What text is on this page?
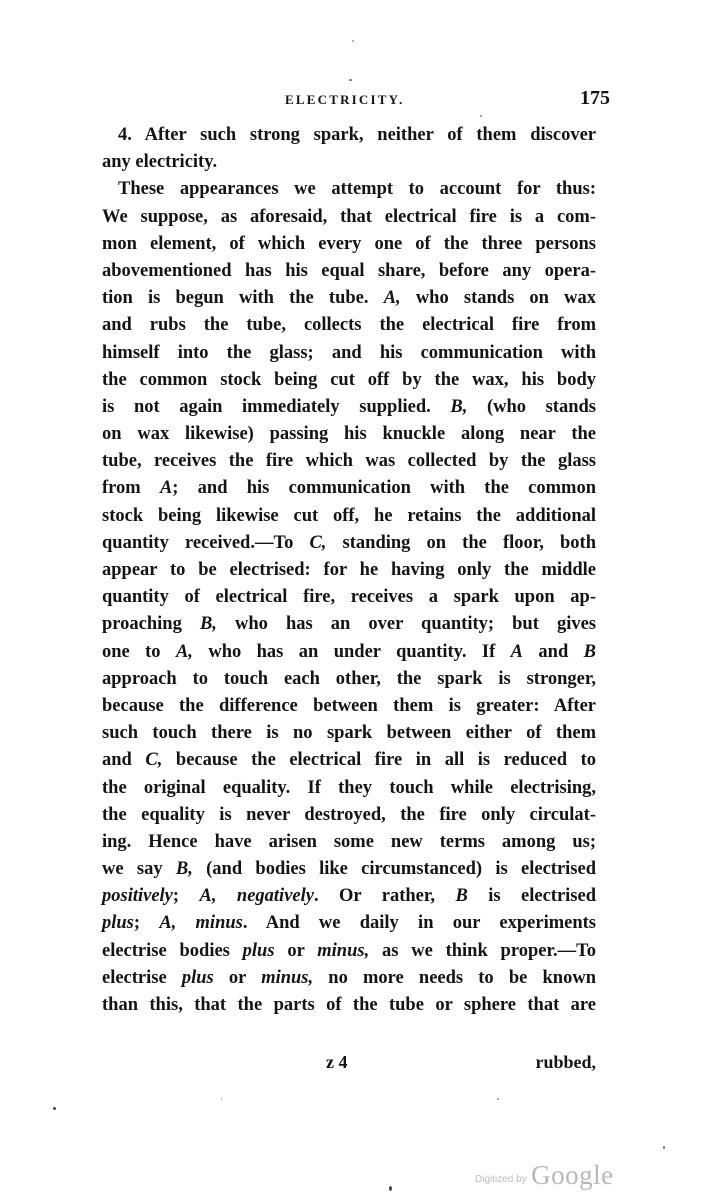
ELECTRICITY.	175
4. After such strong spark, neither of them discover
any electricity.
These appearances we attempt to account for thus:
We suppose, as aforesaid, that electrical fire is a com-
mon element, of which every one of the three persons
abovementioned has his equal share, before any opera-
tion is begun with the tube. A, who stands on wax
and rubs the tube, collects the electrical fire from
himself into the glass; and his communication with
the common stock being cut off by the wax, his body
is not again immediately supplied. B, (who stands
on wax likewise) passing his knuckle along near the
tube, receives the fire which was collected by the glass
from A; and his communication with the common
stock being likewise cut off, he retains the additional
quantity received.—To C, standing on the floor, both
appear to be electrised: for he having only the middle
quantity of electrical fire, receives a spark upon ap-
proaching B, who has an over quantity; but gives
one to A, who has an under quantity. If A and B
approach to touch each other, the spark is stronger,
because the difference between them is greater: After
such touch there is no spark between either of them
and C, because the electrical fire in all is reduced to
the original equality. If they touch while electrising,
the equality is never destroyed, the fire only circulat-
ing. Hence have arisen some new terms among us;
we say B, (and bodies like circumstanced) is electrised
positively; A, negatively. Or rather, B is electrised
plus; A, minus. And we daily in our experiments
electrise bodies plus or minus, as we think proper.—To
electrise plus or minus, no more needs to be known
than this, that the parts of the tube or sphere that are
z 4	rubbed,
Digitized by Google
